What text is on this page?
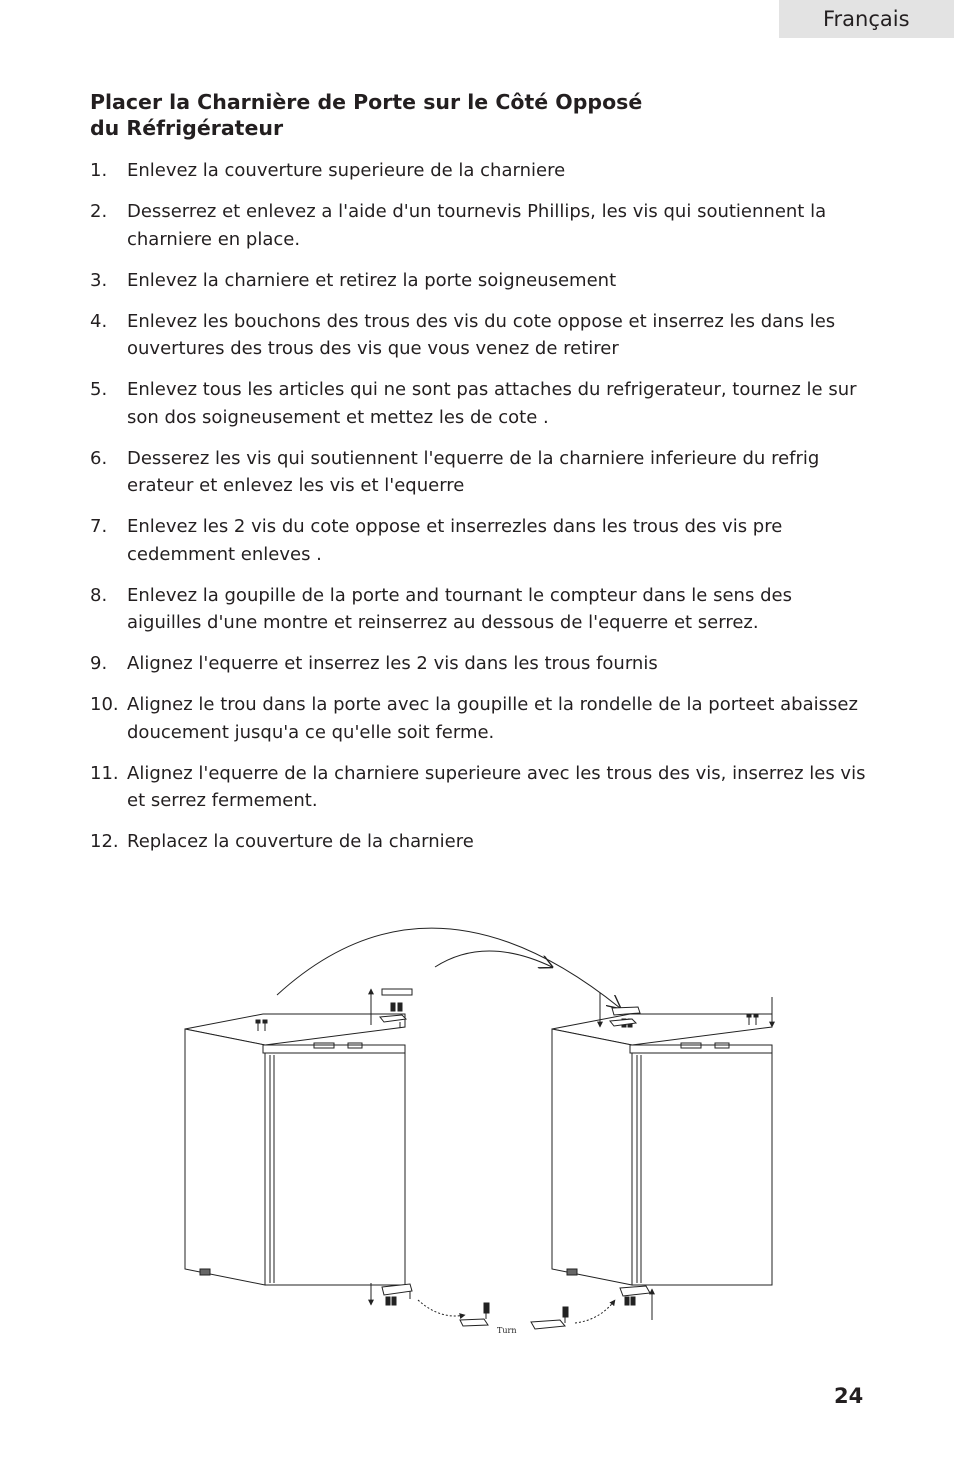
Français
Placer la Charnière de Porte sur le Côté Opposé
du Réfrigérateur
1. Enlevez la couverture superieure de la charniere
2. Desserrez et enlevez a l'aide d'un tournevis Phillips, les vis qui soutiennent la charniere en place.
3. Enlevez la charniere et retirez la porte soigneusement
4. Enlevez les bouchons des trous des vis du cote oppose et inserrez les dans les ouvertures des trous des vis que vous venez de retirer
5. Enlevez tous les articles qui ne sont pas attaches du refrigerateur, tournez le sur son dos soigneusement et mettez les de cote .
6. Desserez les vis qui soutiennent l'equerre de la charniere inferieure du refrig erateur et enlevez les vis et l'equerre
7. Enlevez les 2 vis du cote oppose et inserrezles dans les trous des vis pre cedemment enleves .
8. Enlevez la goupille de la porte and tournant le compteur dans le sens des aiguilles d'une montre et reinserrez au dessous de l'equerre et serrez.
9. Alignez l'equerre et inserrez les 2 vis dans les trous fournis
10. Alignez le trou dans la porte avec la goupille et la rondelle de la porteet abaissez doucement jusqu'a ce qu'elle soit ferme.
11. Alignez l'equerre de la charniere superieure avec les trous des vis, inserrez les vis et serrez fermement.
12. Replacez la couverture de la charniere
Turn
24
